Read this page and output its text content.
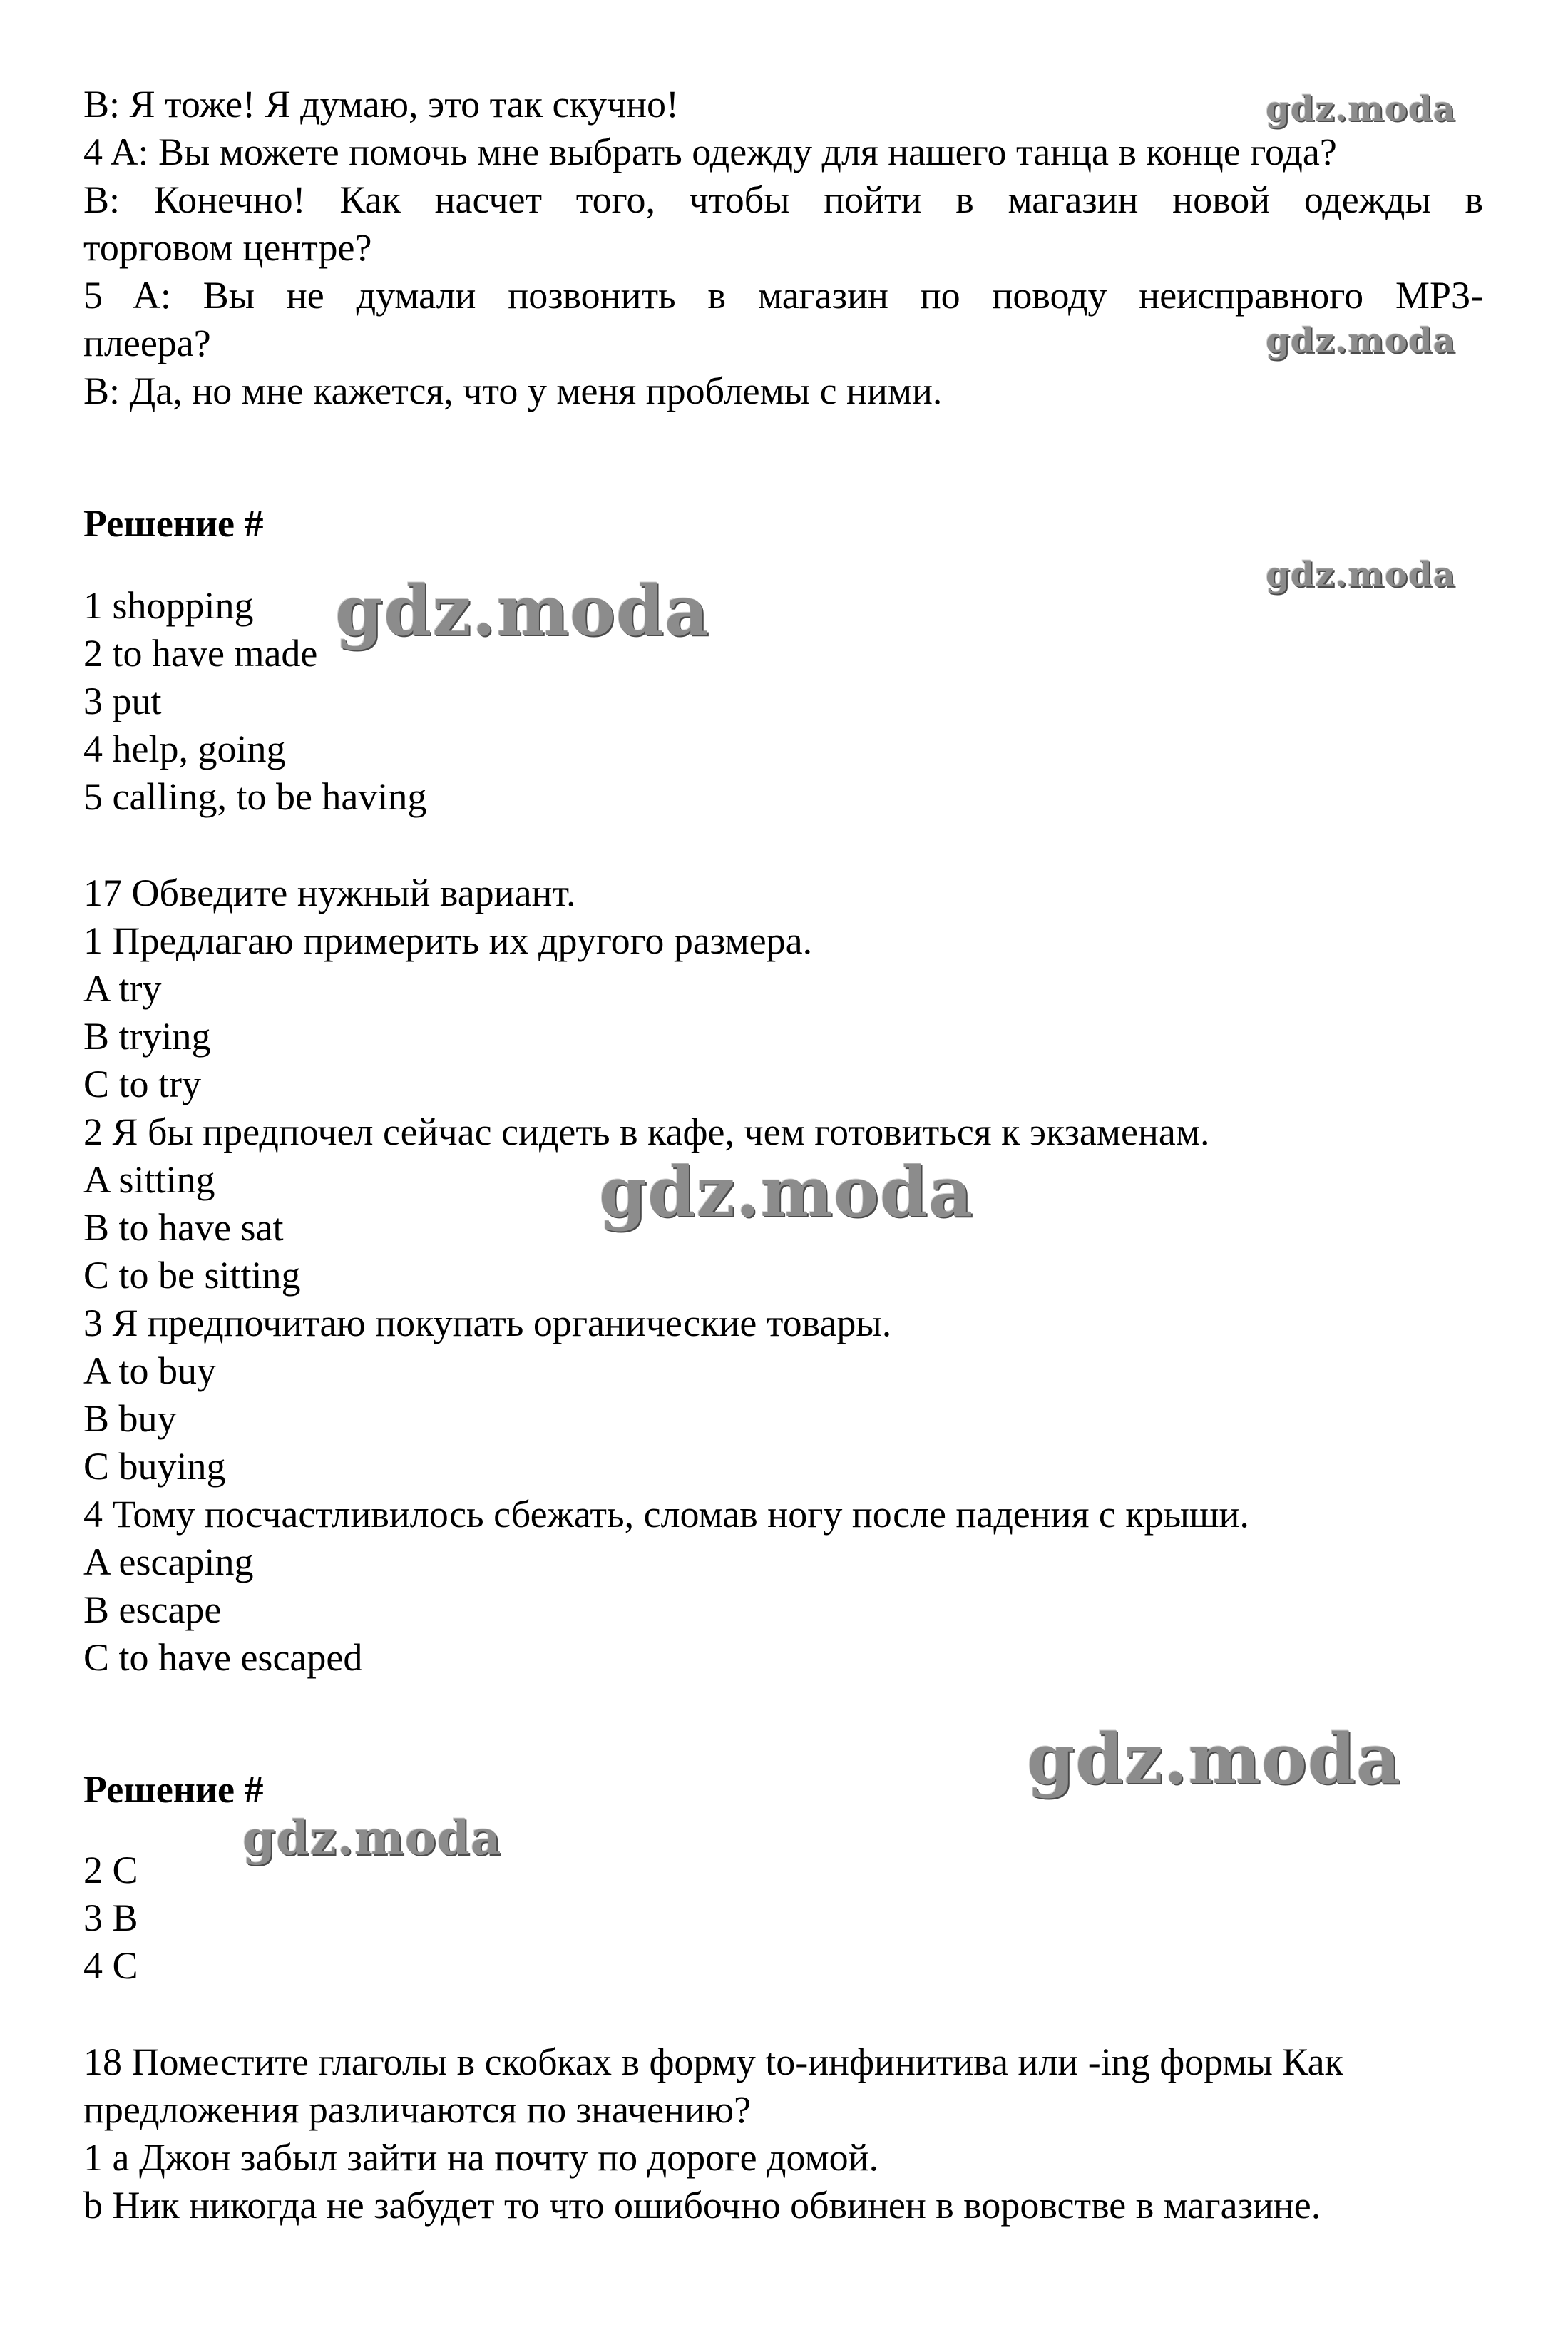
B: Я тоже! Я думаю, это так скучно!

4 A: Вы можете помочь мне выбрать одежду для нашего танца в конце года?

B: Конечно! Как насчет того, чтобы пойти в магазин новой одежды в

торговом центре?

5 A: Вы не думали позвонить в магазин по поводу неисправного MP3-

плеера?

B: Да, но мне кажется, что у меня проблемы с ними.

Решение #

1 shopping

2 to have made

3 put

4 help, going

5 calling, to be having

17 Обведите нужный вариант.

1 Предлагаю примерить их другого размера.

A try

B trying

C to try

2 Я бы предпочел сейчас сидеть в кафе, чем готовиться к экзаменам.

A sitting

B to have sat

C to be sitting

3 Я предпочитаю покупать органические товары.

A to buy

B buy

C buying

4 Тому посчастливилось сбежать, сломав ногу после падения с крыши.

A escaping

B escape

C to have escaped

Решение #

2 C

3 B

4 C

18 Поместите глаголы в скобках в форму to-инфинитива или -ing формы Как

предложения различаются по значению?

1 a Джон забыл зайти на почту по дороге домой.

b Ник никогда не забудет то что ошибочно обвинен в воровстве в магазине.

gdz.moda
gdz.moda
gdz.moda
gdz.moda
gdz.moda
gdz.moda
gdz.moda
